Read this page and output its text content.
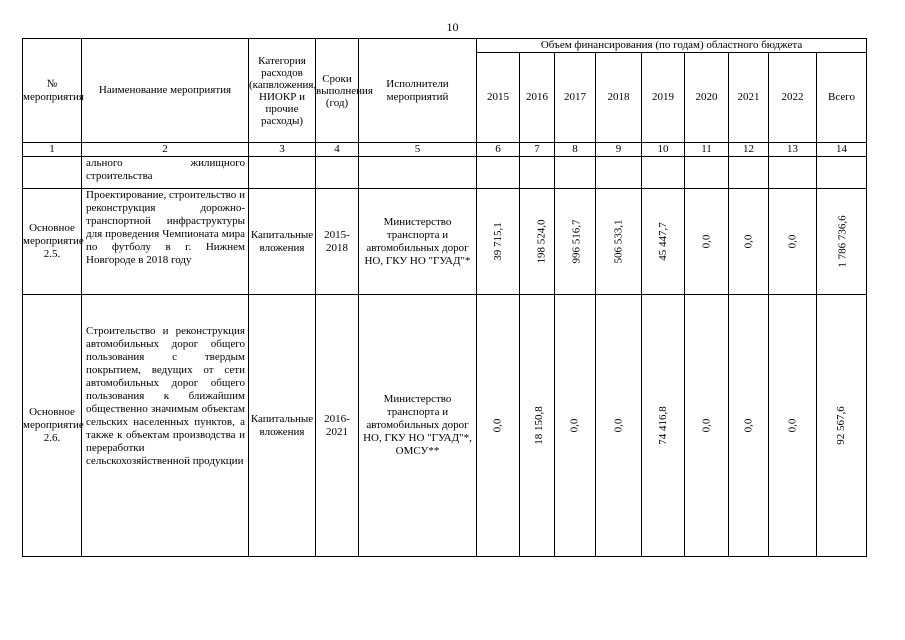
10
№ мероприятия	Наименование мероприятия	Категория расходов (капвложения, НИОКР и прочие расходы)	Сроки выполнения (год)	Исполнители мероприятий	Объем финансирования (по годам) областного бюджета								
					2015	2016	2017	2018	2019	2020	2021	2022	Всего
1	2	3	4	5	6	7	8	9	10	11	12	13	14
	ального жилищного строительства												
Основное мероприятие 2.5.	Проектирование, строительство и реконструкция дорожно-транспортной инфраструктуры для проведения Чемпионата мира по футболу в г. Нижнем Новгороде в 2018 году	Капитальные вложения	2015-2018	Министерство транспорта и автомобильных дорог НО, ГКУ НО "ГУАД"*	39 715,1	198 524,0	996 516,7	506 533,1	45 447,7	0,0	0,0	0,0	1 786 736,6
Основное мероприятие 2.6.	Строительство и реконструкция автомобильных дорог общего пользования с твердым покрытием, ведущих от сети автомобильных дорог общего пользования к ближайшим общественно значимым объектам сельских населенных пунктов, а также к объектам производства и переработки сельскохозяйственной продукции	Капитальные вложения	2016-2021	Министерство транспорта и автомобильных дорог НО, ГКУ НО "ГУАД"*, ОМСУ**	0,0	18 150,8	0,0	0,0	74 416,8	0,0	0,0	0,0	92 567,6
